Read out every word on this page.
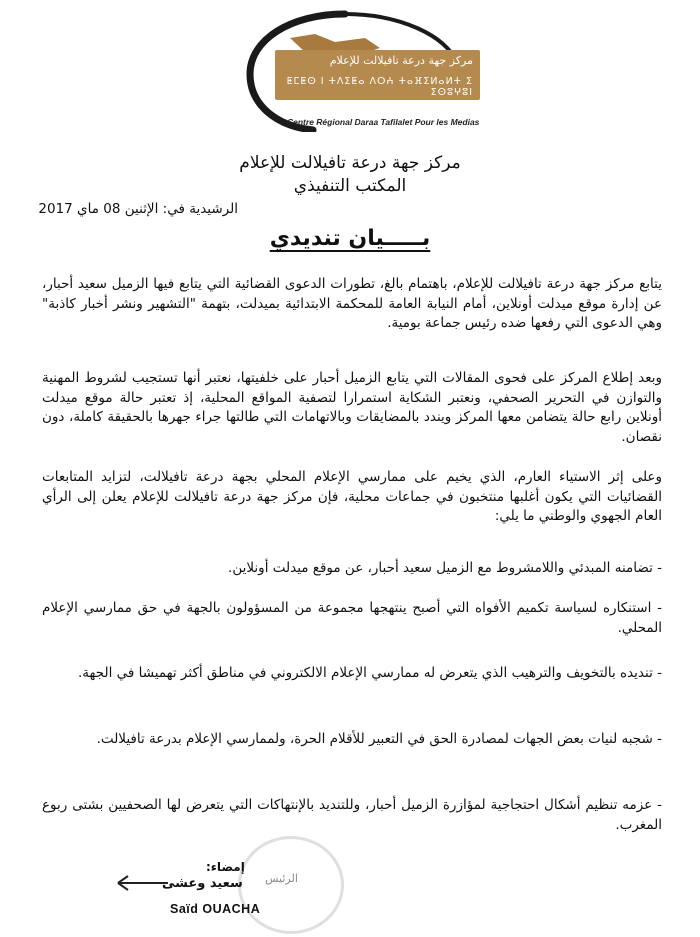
مركز جهة درعة تافيلالت للإعلام
ⵟⵎⵟⵙ ⵏ ⵜⴷⵉⵟⴰ ⴷⵔⵄ ⵜⴰⴼⵉⵍⴰⵍⵜ ⵉ ⵉⵙⵓⵖⵓⵏ
Centre Régional Daraa Tafilalet Pour les Medias
مركز جهة درعة تافيلالت للإعلام
المكتب التنفيذي
الرشيدية في: الإثنين 08 ماي 2017
بـــــيان تنديدي
يتابع مركز جهة درعة تافيلالت للإعلام، باهتمام بالغ، تطورات الدعوى القضائية التي يتابع فيها الزميل سعيد أحبار، عن إدارة موقع ميدلت أونلاين، أمام النيابة العامة للمحكمة الابتدائية بميدلت، بتهمة "التشهير ونشر أخبار كاذبة" وهي الدعوى التي رفعها ضده رئيس جماعة بومية.
وبعد إطلاع المركز على فحوى المقالات التي يتابع الزميل أحبار على خلفيتها، نعتبر أنها تستجيب لشروط المهنية والتوازن في التحرير الصحفي، ونعتبر الشكاية استمرارا لتصفية المواقع المحلية، إذ تعتبر حالة موقع ميدلت أونلاين رابع حالة يتضامن معها المركز ويندد بالمضايقات وبالاتهامات التي طالتها جراء جهرها بالحقيقة كاملة، دون نقصان.
وعلى إثر الاستياء العارم، الذي يخيم على ممارسي الإعلام المحلي بجهة درعة تافيلالت، لتزايد المتابعات القضائيات التي يكون أغلبها منتخبون في جماعات محلية، فإن مركز جهة درعة تافيلالت للإعلام يعلن إلى الرأي العام الجهوي والوطني ما يلي:
- تضامنه المبدئي واللامشروط مع الزميل سعيد أحبار، عن موقع ميدلت أونلاين.
- استنكاره لسياسة تكميم الأفواه التي أصبح ينتهجها مجموعة من المسؤولون بالجهة في حق ممارسي الإعلام المحلي.
- تنديده بالتخويف والترهيب الذي يتعرض له ممارسي الإعلام الالكتروني في مناطق أكثر تهميشا في الجهة.
- شجبه لنيات بعض الجهات لمصادرة الحق في التعبير للأقلام الحرة، ولممارسي الإعلام بدرعة تافيلالت.
- عزمه تنظيم أشكال احتجاجية لمؤازرة الزميل أحبار، وللتنديد بالإنتهاكات التي يتعرض لها الصحفيين بشتى ربوع المغرب.
الرئيس
إمضاء:
سعيد وعشى
Saïd OUACHA
